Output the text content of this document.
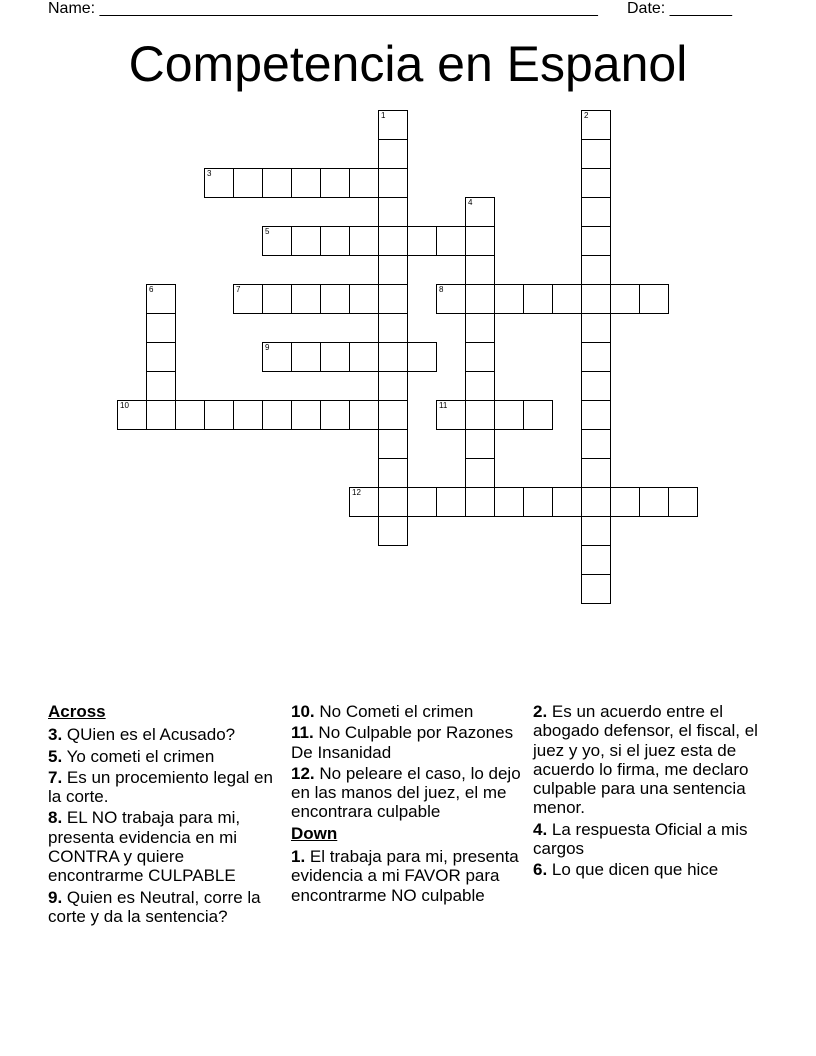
Name: ________________________________________________________ Date: _______
Competencia en Espanol
1	2
3
4
5
6	7	8
9
10	11
12
Across
3. QUien es el Acusado?
5. Yo cometi el crimen
7. Es un procemiento legal en la corte.
8. EL NO trabaja para mi, presenta evidencia en mi CONTRA y quiere encontrarme CULPABLE
9. Quien es Neutral, corre la corte y da la sentencia?
10. No Cometi el crimen
11. No Culpable por Razones De Insanidad
12. No peleare el caso, lo dejo en las manos del juez, el me encontrara culpable
Down
1. El trabaja para mi, presenta evidencia a mi FAVOR para encontrarme NO culpable
2. Es un acuerdo entre el abogado defensor, el fiscal, el juez y yo, si el juez esta de acuerdo lo firma, me declaro culpable para una sentencia menor.
4. La respuesta Oficial a mis cargos
6. Lo que dicen que hice
